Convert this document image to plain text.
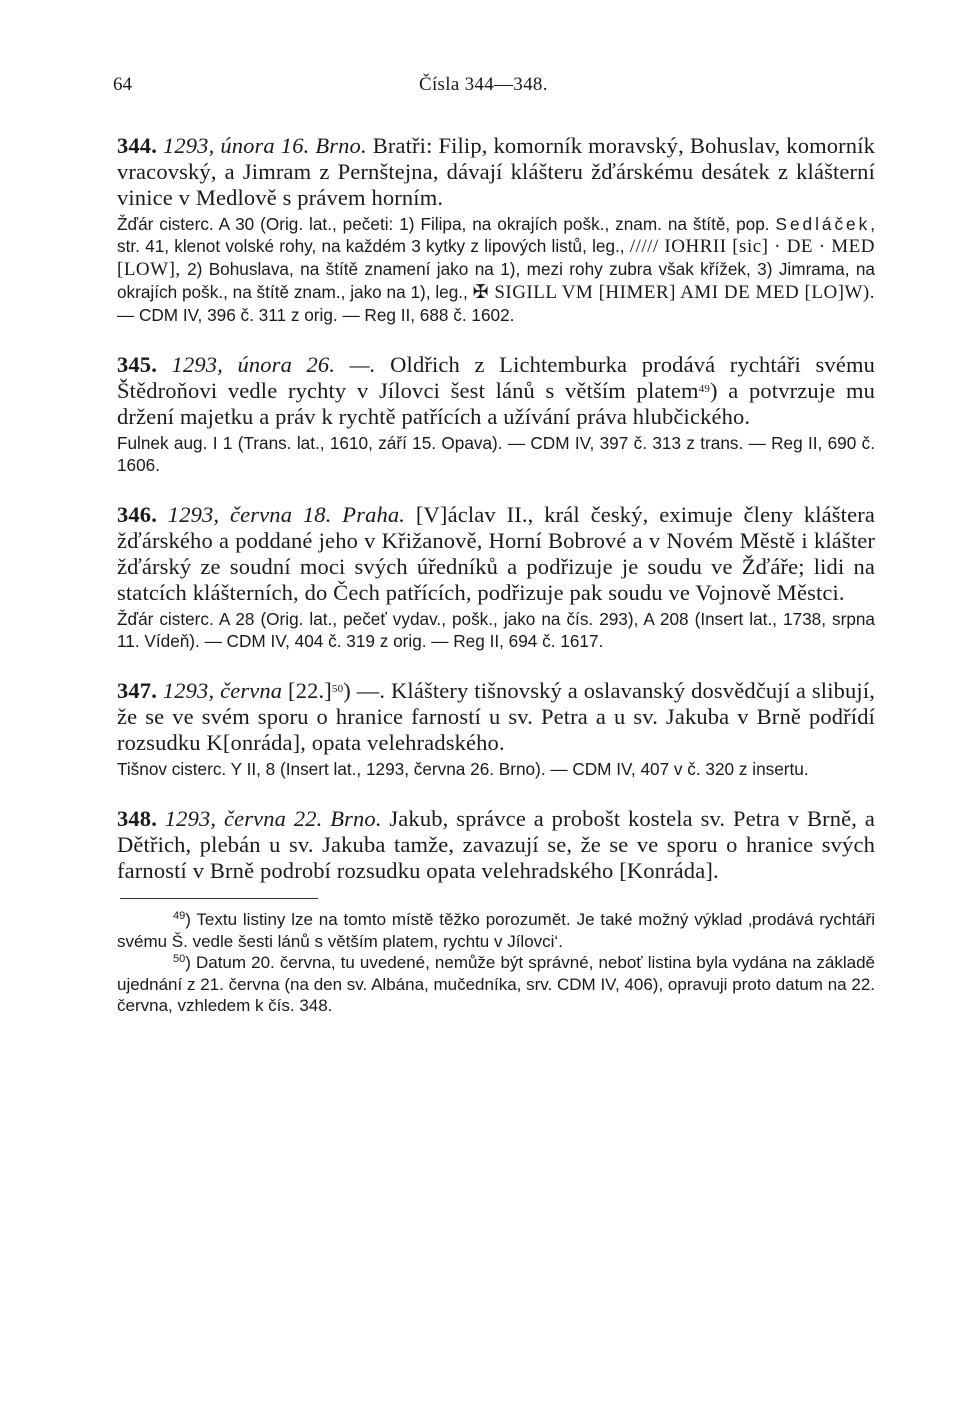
64	Čísla 344—348.

344. 1293, února 16. Brno. Bratři: Filip, komorník moravský, Bohuslav, komorník vracovský, a Jimram z Pernštejna, dávají klášteru žďárskému desátek z klášterní vinice v Medlově s právem horním.

Žďár cisterc. A 30 (Orig. lat., pečeti: 1) Filipa, na okrajích pošk., znam. na štítě, pop. Sedláček, str. 41, klenot volské rohy, na každém 3 kytky z lipových listů, leg., ///// IOHRII [sic] · DE · MED [LOW], 2) Bohuslava, na štítě znamení jako na 1), mezi rohy zubra však křížek, 3) Jimrama, na okrajích pošk., na štítě znam., jako na 1), leg., ✠ SIGILL VM [HIMER] AMI DE MED [LO]W). — CDM IV, 396 č. 311 z orig. — Reg II, 688 č. 1602.

345. 1293, února 26. —. Oldřich z Lichtemburka prodává rychtáři svému Štědroňovi vedle rychty v Jílovci šest lánů s větším platem$^{49}$) a potvrzuje mu držení majetku a práv k rychtě patřících a užívání práva hlubčického.

Fulnek aug. I 1 (Trans. lat., 1610, září 15. Opava). — CDM IV, 397 č. 313 z trans. — Reg II, 690 č. 1606.

346. 1293, června 18. Praha. [V]áclav II., král český, eximuje členy kláštera žďárského a poddané jeho v Křižanově, Horní Bobrové a v Novém Městě i klášter žďárský ze soudní moci svých úředníků a podřizuje je soudu ve Žďáře; lidi na statcích klášterních, do Čech patřících, podřizuje pak soudu ve Vojnově Městci.

Žďár cisterc. A 28 (Orig. lat., pečeť vydav., pošk., jako na čís. 293), A 208 (Insert lat., 1738, srpna 11. Vídeň). — CDM IV, 404 č. 319 z orig. — Reg II, 694 č. 1617.

347. 1293, června $[22.]^{50}$) —. Kláštery tišnovský a oslavanský dosvědčují a slibují, že se ve svém sporu o hranice farností u sv. Petra a u sv. Jakuba v Brně podřídí rozsudku K[onráda], opata velehradského.

Tišnov cisterc. Y II, 8 (Insert lat., 1293, června 26. Brno). — CDM IV, 407 v č. 320 z insertu.

348. 1293, června 22. Brno. Jakub, správce a probošt kostela sv. Petra v Brně, a Dětřich, plebán u sv. Jakuba tamže, zavazují se, že se ve sporu o hranice svých farností v Brně podrobí rozsudku opata velehradského [Konráda].

$^{49}$) Textu listiny lze na tomto místě těžko porozumět. Je také možný výklad ‚prodává rychtáři svému Š. vedle šesti lánů s větším platem, rychtu v Jílovci‘.

$^{50}$) Datum 20. června, tu uvedené, nemůže být správné, neboť listina byla vydána na základě ujednání z 21. června (na den sv. Albána, mučedníka, srv. CDM IV, 406), opravuji proto datum na 22. června, vzhledem k čís. 348.
